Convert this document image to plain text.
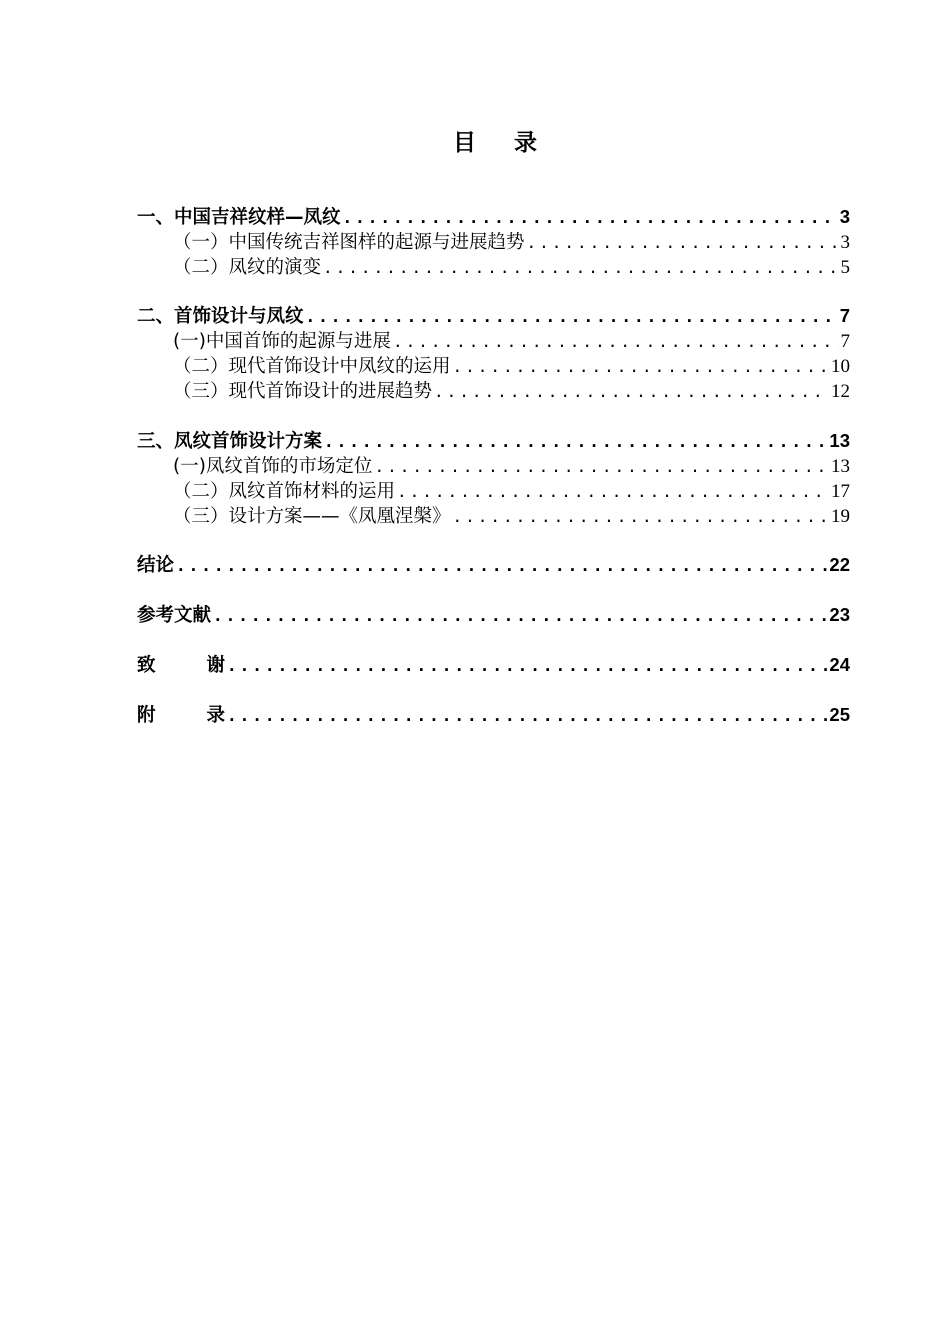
目 录
一、中国吉祥纹样—凤纹 .....	3
（一）中国传统吉祥图样的起源与进展趋势 .....	3
（二）凤纹的演变 .....	5
二、首饰设计与凤纹 .....	7
(一)中国首饰的起源与进展 .....	7
（二）现代首饰设计中凤纹的运用 .....	10
（三）现代首饰设计的进展趋势 .....	12
三、凤纹首饰设计方案 .....	13
(一)凤纹首饰的市场定位 .....	13
（二）凤纹首饰材料的运用 .....	17
（三）设计方案——《凤凰涅槃》 .....	19
结论 .....	22
参考文献 .....	23
致	谢 .....	24
附	录 .....	25
